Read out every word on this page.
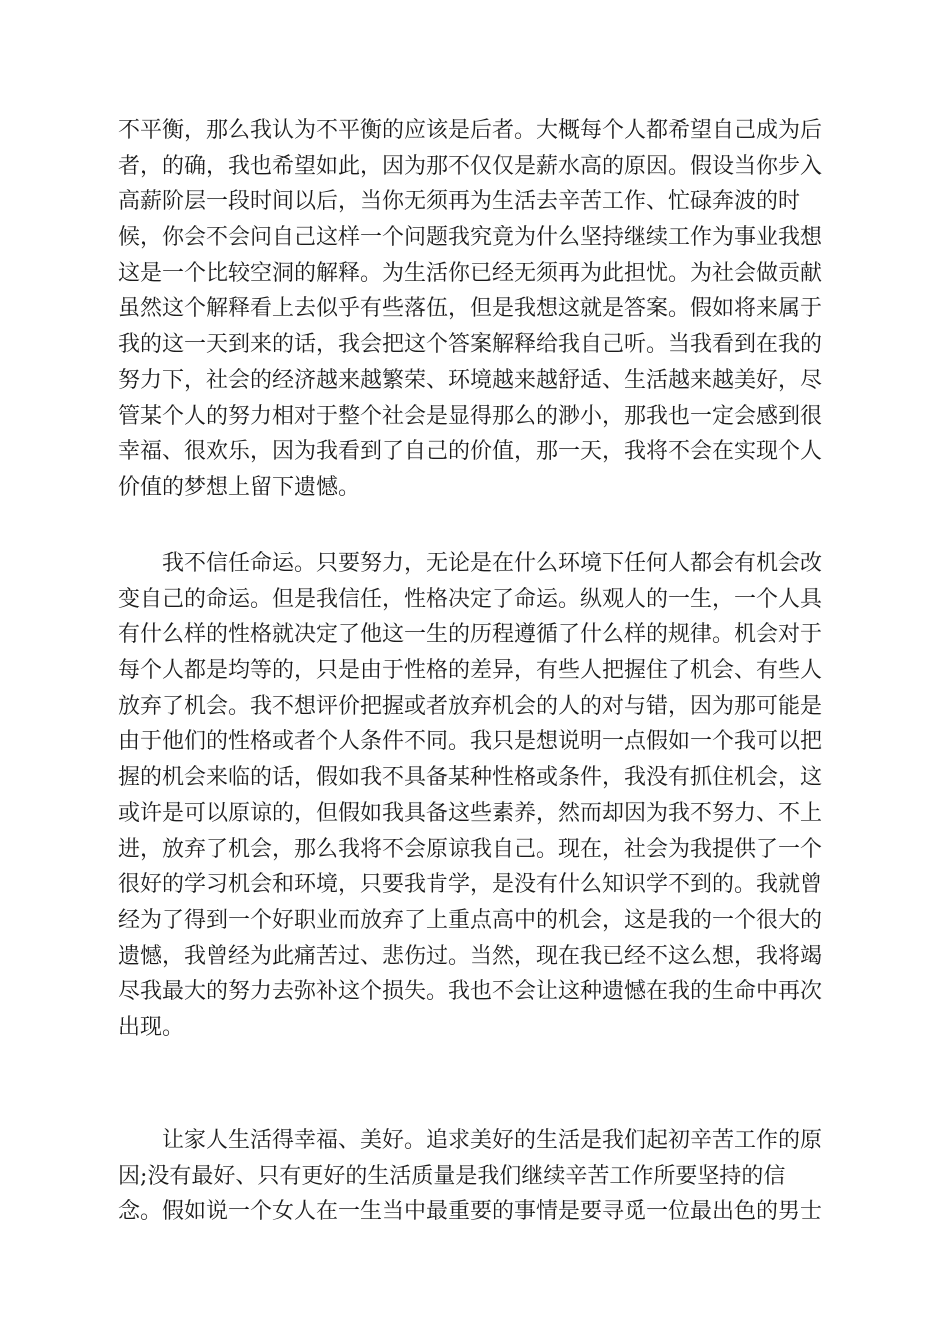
不平衡，那么我认为不平衡的应该是后者。大概每个人都希望自己成为后
者，的确，我也希望如此，因为那不仅仅是薪水高的原因。假设当你步入
高薪阶层一段时间以后，当你无须再为生活去辛苦工作、忙碌奔波的时
候，你会不会问自己这样一个问题我究竟为什么坚持继续工作为事业我想
这是一个比较空洞的解释。为生活你已经无须再为此担忧。为社会做贡献
虽然这个解释看上去似乎有些落伍，但是我想这就是答案。假如将来属于
我的这一天到来的话，我会把这个答案解释给我自己听。当我看到在我的
努力下，社会的经济越来越繁荣、环境越来越舒适、生活越来越美好，尽
管某个人的努力相对于整个社会是显得那么的渺小，那我也一定会感到很
幸福、很欢乐，因为我看到了自己的价值，那一天，我将不会在实现个人
价值的梦想上留下遗憾。
我不信任命运。只要努力，无论是在什么环境下任何人都会有机会改
变自己的命运。但是我信任，性格决定了命运。纵观人的一生，一个人具
有什么样的性格就决定了他这一生的历程遵循了什么样的规律。机会对于
每个人都是均等的，只是由于性格的差异，有些人把握住了机会、有些人
放弃了机会。我不想评价把握或者放弃机会的人的对与错，因为那可能是
由于他们的性格或者个人条件不同。我只是想说明一点假如一个我可以把
握的机会来临的话，假如我不具备某种性格或条件，我没有抓住机会，这
或许是可以原谅的，但假如我具备这些素养，然而却因为我不努力、不上
进，放弃了机会，那么我将不会原谅我自己。现在，社会为我提供了一个
很好的学习机会和环境，只要我肯学，是没有什么知识学不到的。我就曾
经为了得到一个好职业而放弃了上重点高中的机会，这是我的一个很大的
遗憾，我曾经为此痛苦过、悲伤过。当然，现在我已经不这么想，我将竭
尽我最大的努力去弥补这个损失。我也不会让这种遗憾在我的生命中再次
出现。
让家人生活得幸福、美好。追求美好的生活是我们起初辛苦工作的原
因;没有最好、只有更好的生活质量是我们继续辛苦工作所要坚持的信
念。假如说一个女人在一生当中最重要的事情是要寻觅一位最出色的男士
